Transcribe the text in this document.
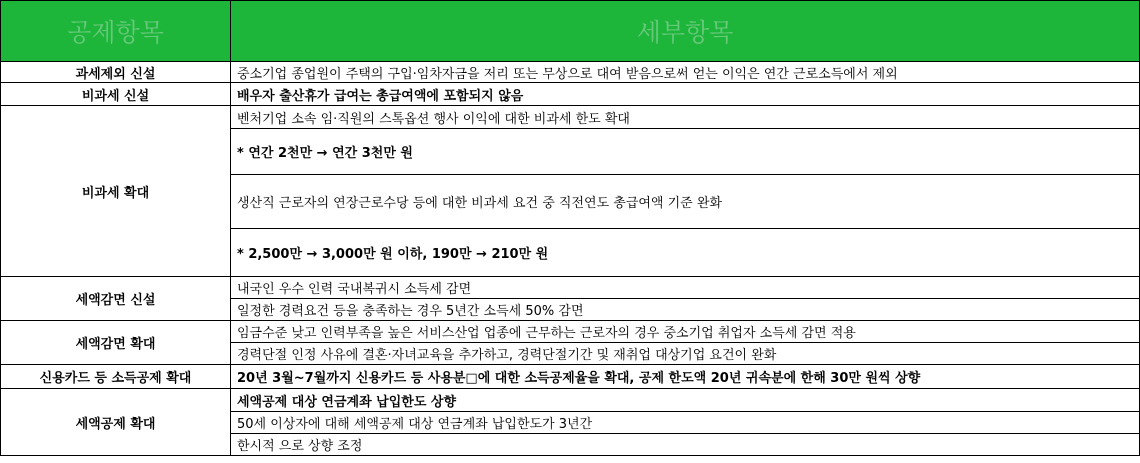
공제항목	세부항목
과세제외 신설	중소기업 종업원이 주택의 구입·임차자금을 저리 또는 무상으로 대여 받음으로써 얻는 이익은 연간 근로소득에서 제외
비과세 신설	배우자 출산휴가 급여는 총급여액에 포함되지 않음
비과세 확대	벤처기업 소속 임·직원의 스톡옵션 행사 이익에 대한 비과세 한도 확대
	* 연간 2천만 → 연간 3천만 원
	생산직 근로자의 연장근로수당 등에 대한 비과세 요건 중 직전연도 총급여액 기준 완화
	* 2,500만 → 3,000만 원 이하, 190만 → 210만 원
세액감면 신설	내국인 우수 인력 국내복귀시 소득세 감면
	일정한 경력요건 등을 충족하는 경우 5년간 소득세 50% 감면
세액감면 확대	임금수준 낮고 인력부족을 높은 서비스산업 업종에 근무하는 근로자의 경우 중소기업 취업자 소득세 감면 적용
	경력단절 인정 사유에 결혼·자녀교육을 추가하고, 경력단절기간 및 재취업 대상기업 요건이 완화
신용카드 등 소득공제 확대	20년 3월~7월까지 신용카드 등 사용분□에 대한 소득공제율을 확대, 공제 한도액 20년 귀속분에 한해 30만 원씩 상향
세액공제 확대	세액공제 대상 연금계좌 납입한도 상향
	50세 이상자에 대해 세액공제 대상 연금계좌 납입한도가 3년간
	한시적 으로 상향 조정
